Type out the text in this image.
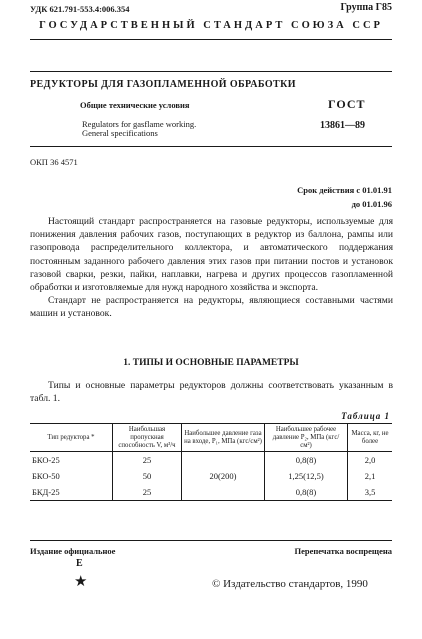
УДК 621.791-553.4:006.354	Группа Г85
ГОСУДАРСТВЕННЫЙ СТАНДАРТ СОЮЗА ССР
РЕДУКТОРЫ ДЛЯ ГАЗОПЛАМЕННОЙ ОБРАБОТКИ
Общие технические условия
Regulators for gasflame working.
General specifications
ГОСТ
13861—89
ОКП 36 4571
Срок действия с 01.01.91
до 01.01.96

Настоящий стандарт распространяется на газовые редукторы, используемые для понижения давления рабочих газов, поступающих в редуктор из баллона, рампы или газопровода распределительного коллектора, и автоматического поддержания постоянным заданного рабочего давления этих газов при питании постов и установок газовой сварки, резки, пайки, наплавки, нагрева и других процессов газопламенной обработки и изготовляемые для нужд народного хозяйства и экспорта.

Стандарт не распространяется на редукторы, являющиеся составными частями машин и установок.

1. ТИПЫ И ОСНОВНЫЕ ПАРАМЕТРЫ

Типы и основные параметры редукторов должны соответствовать указанным в табл. 1.

Таблица 1
Тип редуктора *	Наибольшая пропускная способность V, м³/ч	Наибольшее давление газа на входе, P₁, МПа (кгс/см²)	Наибольшее рабочее давление P₂, МПа (кгс/см²)	Масса, кг, не более
БКО-25	25	20(200)	0,8(8)	2,0
БКО-50	50		1,25(12,5)	2,1
БКД-25	25		0,8(8)	3,5
Издание официальное	Перепечатка воспрещена
Е
★	© Издательство стандартов, 1990
